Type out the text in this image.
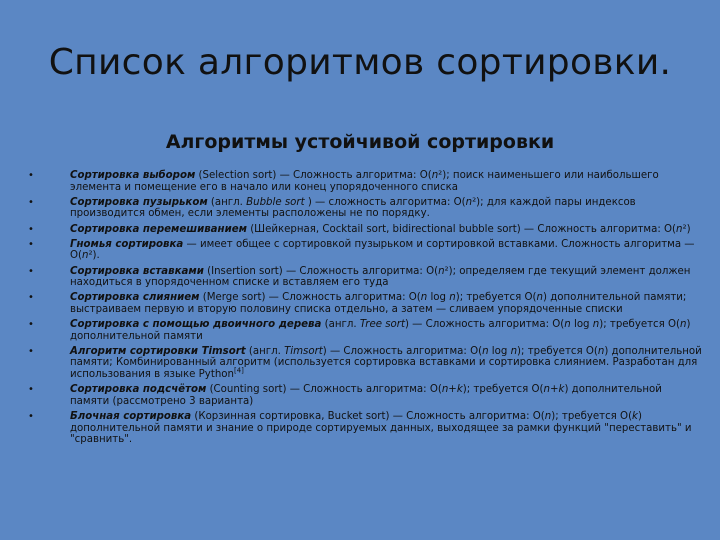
Список алгоритмов сортировки.
Алгоритмы устойчивой сортировки
•	Сортировка выбором (Selection sort) — Сложность алгоритма: O(n²); поиск наименьшего или наибольшего элемента и помещение его в начало или конец упорядоченного списка
•	Сортировка пузырьком (англ. Bubble sort ) — сложность алгоритма: O(n²); для каждой пары индексов производится обмен, если элементы расположены не по порядку.
•	Сортировка перемешиванием (Шейкерная, Cocktail sort, bidirectional bubble sort) — Сложность алгоритма: O(n²)
•	Гномья сортировка — имеет общее с сортировкой пузырьком и сортировкой вставками. Сложность алгоритма — O(n²).
•	Сортировка вставками (Insertion sort) — Сложность алгоритма: O(n²); определяем где текущий элемент должен находиться в упорядоченном списке и вставляем его туда
•	Сортировка слиянием (Merge sort) — Сложность алгоритма: O(n log n); требуется O(n) дополнительной памяти; выстраиваем первую и вторую половину списка отдельно, а затем — сливаем упорядоченные списки
•	Сортировка с помощью двоичного дерева (англ. Tree sort) — Сложность алгоритма: O(n log n); требуется O(n) дополнительной памяти
•	Алгоритм сортировки Timsort (англ. Timsort) — Сложность алгоритма: O(n log n); требуется O(n) дополнительной памяти; Комбинированный алгоритм (используется сортировка вставками и сортировка слиянием. Разработан для использования в языке Python[4]
•	Сортировка подсчётом (Counting sort) — Сложность алгоритма: O(n+k); требуется O(n+k) дополнительной памяти (рассмотрено 3 варианта)
•	Блочная сортировка (Корзинная сортировка, Bucket sort) — Сложность алгоритма: O(n); требуется O(k) дополнительной памяти и знание о природе сортируемых данных, выходящее за рамки функций "переставить" и "сравнить".
